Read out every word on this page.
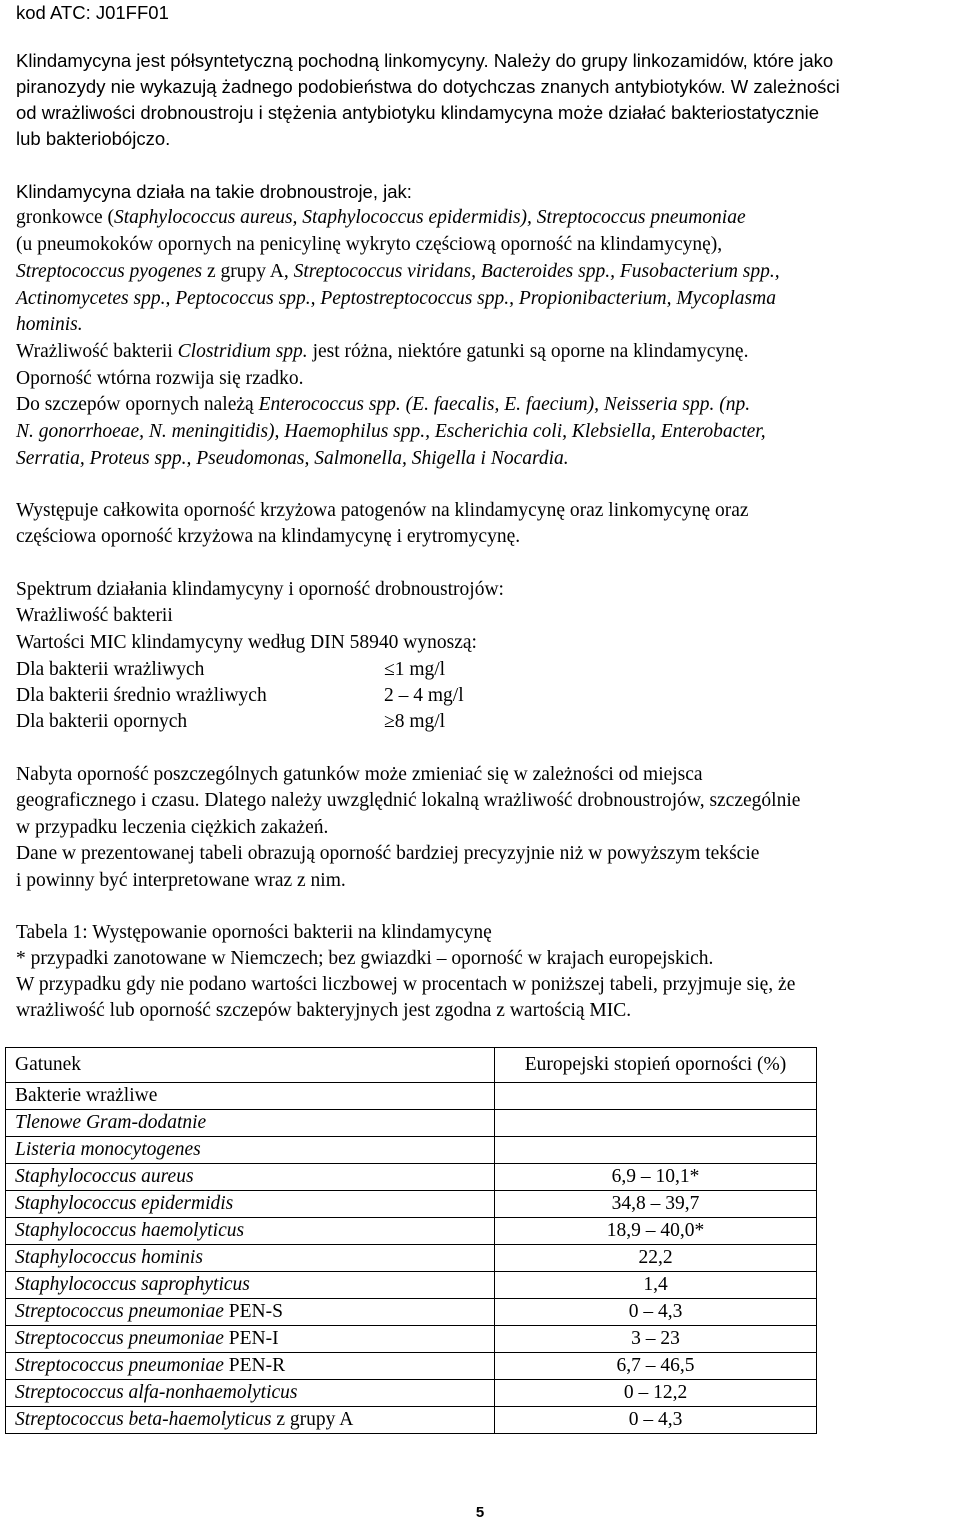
kod ATC: J01FF01
Klindamycyna jest półsyntetyczną pochodną linkomycyny. Należy do grupy linkozamidów, które jako
piranozydy nie wykazują żadnego podobieństwa do dotychczas znanych antybiotyków. W zależności
od wrażliwości drobnoustroju i stężenia antybiotyku klindamycyna może działać bakteriostatycznie
lub bakteriobójczo.
Klindamycyna działa na takie drobnoustroje, jak:
gronkowce (Staphylococcus aureus, Staphylococcus epidermidis), Streptococcus pneumoniae
(u pneumokoków opornych na penicylinę wykryto częściową oporność na klindamycynę),
Streptococcus pyogenes z grupy A, Streptococcus viridans, Bacteroides spp., Fusobacterium spp.,
Actinomycetes spp., Peptococcus spp., Peptostreptococcus spp., Propionibacterium, Mycoplasma
hominis.
Wrażliwość bakterii Clostridium spp. jest różna, niektóre gatunki są oporne na klindamycynę.
Oporność wtórna rozwija się rzadko.
Do szczepów opornych należą Enterococcus spp. (E. faecalis, E. faecium), Neisseria spp. (np.
N. gonorrhoeae, N. meningitidis), Haemophilus spp., Escherichia coli, Klebsiella, Enterobacter,
Serratia, Proteus spp., Pseudomonas, Salmonella, Shigella i Nocardia.
Występuje całkowita oporność krzyżowa patogenów na klindamycynę oraz linkomycynę oraz
częściowa oporność krzyżowa na klindamycynę i erytromycynę.
Spektrum działania klindamycyny i oporność drobnoustrojów:
Wrażliwość bakterii
Wartości MIC klindamycyny według DIN 58940 wynoszą:
Dla bakterii wrażliwych	≤1 mg/l
Dla bakterii średnio wrażliwych	2 – 4 mg/l
Dla bakterii opornych	≥8 mg/l
Nabyta oporność poszczególnych gatunków może zmieniać się w zależności od miejsca
geograficznego i czasu. Dlatego należy uwzględnić lokalną wrażliwość drobnoustrojów, szczególnie
w przypadku leczenia ciężkich zakażeń.
Dane w prezentowanej tabeli obrazują oporność bardziej precyzyjnie niż w powyższym tekście
i powinny być interpretowane wraz z nim.
Tabela 1: Występowanie oporności bakterii na klindamycynę
* przypadki zanotowane w Niemczech; bez gwiazdki – oporność w krajach europejskich.
W przypadku gdy nie podano wartości liczbowej w procentach w poniższej tabeli, przyjmuje się, że
wrażliwość lub oporność szczepów bakteryjnych jest zgodna z wartością MIC.
Gatunek	Europejski stopień oporności (%)
Bakterie wrażliwe	
Tlenowe Gram-dodatnie	
Listeria monocytogenes	
Staphylococcus aureus	6,9 – 10,1*
Staphylococcus epidermidis	34,8 – 39,7
Staphylococcus haemolyticus	18,9 – 40,0*
Staphylococcus hominis	22,2
Staphylococcus saprophyticus	1,4
Streptococcus pneumoniae PEN-S	0 – 4,3
Streptococcus pneumoniae PEN-I	3 – 23
Streptococcus pneumoniae PEN-R	6,7 – 46,5
Streptococcus alfa-nonhaemolyticus	0 – 12,2
Streptococcus beta-haemolyticus z grupy A	0 – 4,3
5
